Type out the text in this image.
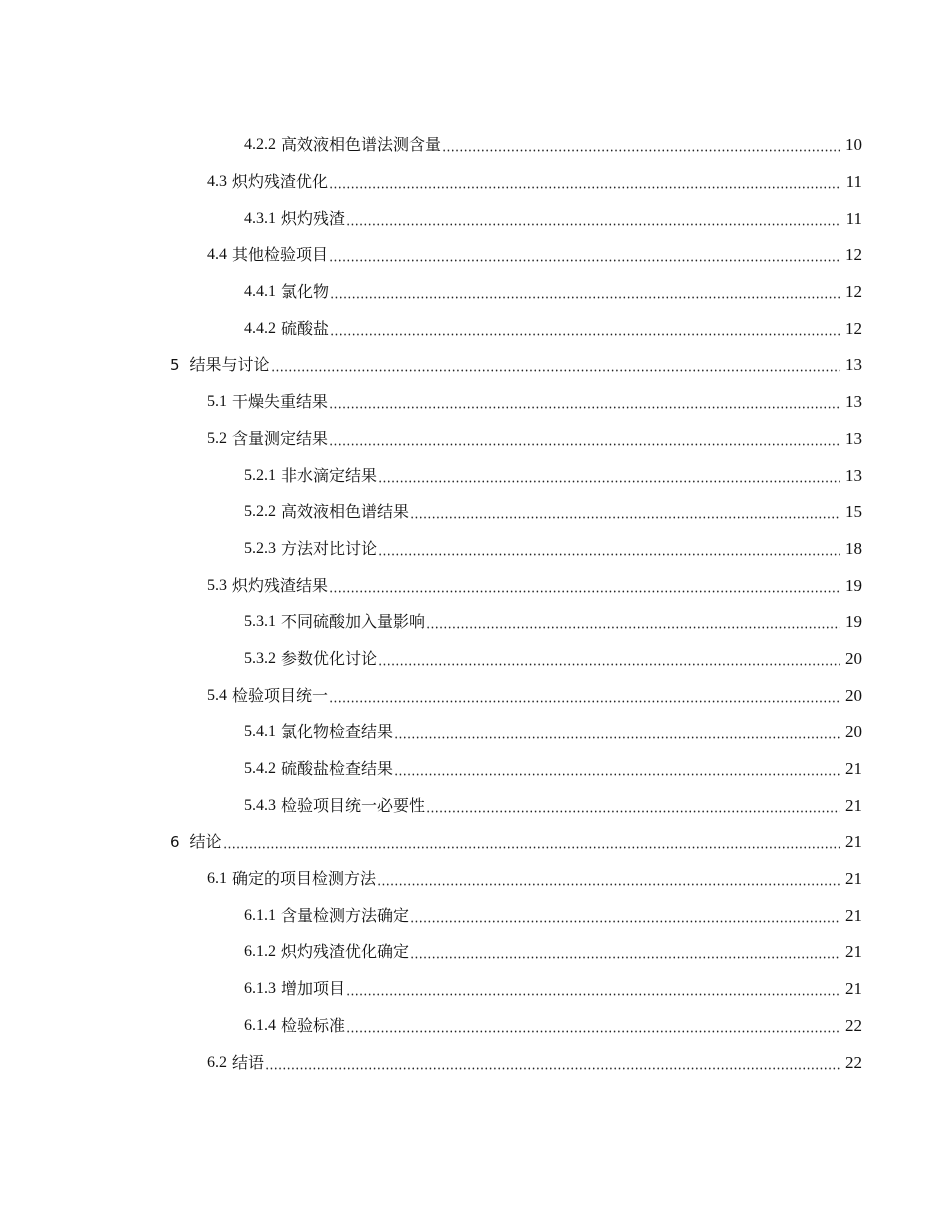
4.2.2 高效液相色谱法测含量	10
4.3 炽灼残渣优化	11
4.3.1 炽灼残渣	11
4.4 其他检验项目	12
4.4.1 氯化物	12
4.4.2 硫酸盐	12
5 结果与讨论	13
5.1 干燥失重结果	13
5.2 含量测定结果	13
5.2.1 非水滴定结果	13
5.2.2 高效液相色谱结果	15
5.2.3 方法对比讨论	18
5.3 炽灼残渣结果	19
5.3.1 不同硫酸加入量影响	19
5.3.2 参数优化讨论	20
5.4 检验项目统一	20
5.4.1 氯化物检查结果	20
5.4.2 硫酸盐检查结果	21
5.4.3 检验项目统一必要性	21
6 结论	21
6.1 确定的项目检测方法	21
6.1.1 含量检测方法确定	21
6.1.2 炽灼残渣优化确定	21
6.1.3 增加项目	21
6.1.4 检验标准	22
6.2 结语	22
